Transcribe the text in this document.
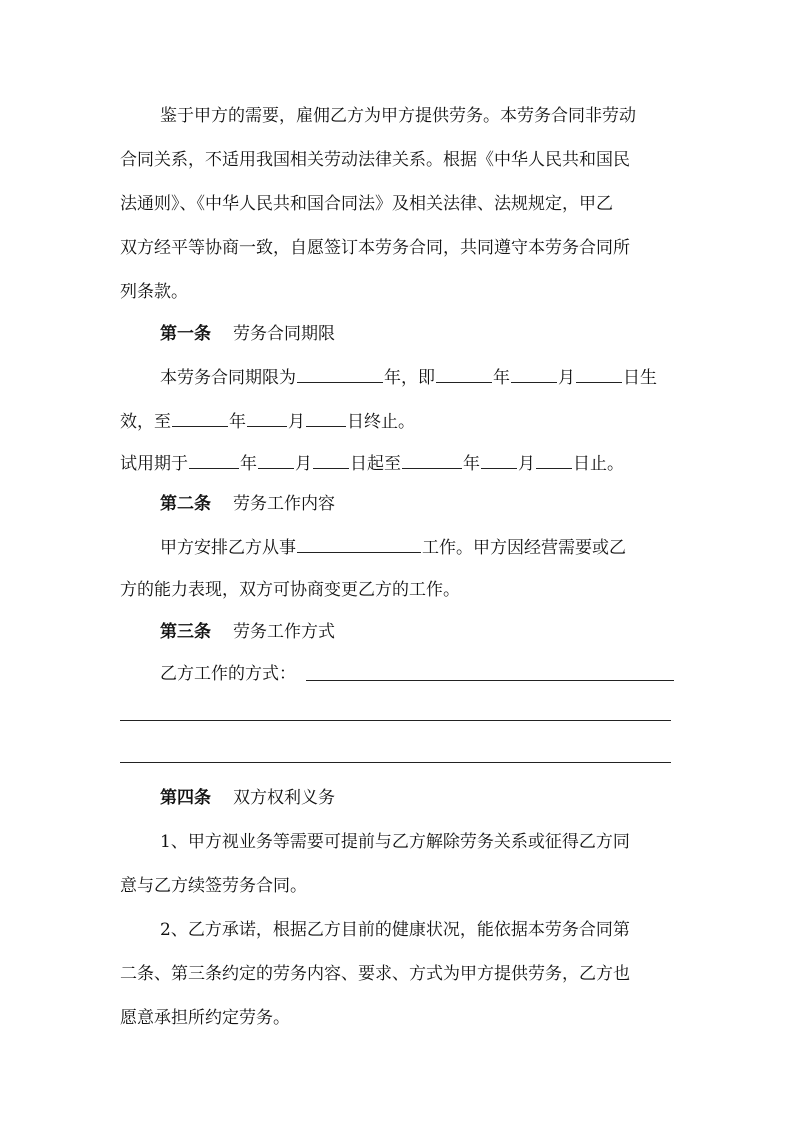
鉴于甲方的需要，雇佣乙方为甲方提供劳务。本劳务合同非劳动
合同关系，不适用我国相关劳动法律关系。根据《中华人民共和国民
法通则》、《中华人民共和国合同法》及相关法律、法规规定，甲乙
双方经平等协商一致，自愿签订本劳务合同，共同遵守本劳务合同所
列条款。
第一条 劳务合同期限
本劳务合同期限为	年，即	年	月	日生
效，至	年 月 日终止。
试用期于	年 月 日起至	年 月 日止。
第二条 劳务工作内容
甲方安排乙方从事	工作。甲方因经营需要或乙
方的能力表现，双方可协商变更乙方的工作。
第三条 劳务工作方式
乙方工作的方式：
第四条 双方权利义务
1、甲方视业务等需要可提前与乙方解除劳务关系或征得乙方同
意与乙方续签劳务合同。
2、乙方承诺，根据乙方目前的健康状况，能依据本劳务合同第
二条、第三条约定的劳务内容、要求、方式为甲方提供劳务，乙方也
愿意承担所约定劳务。
